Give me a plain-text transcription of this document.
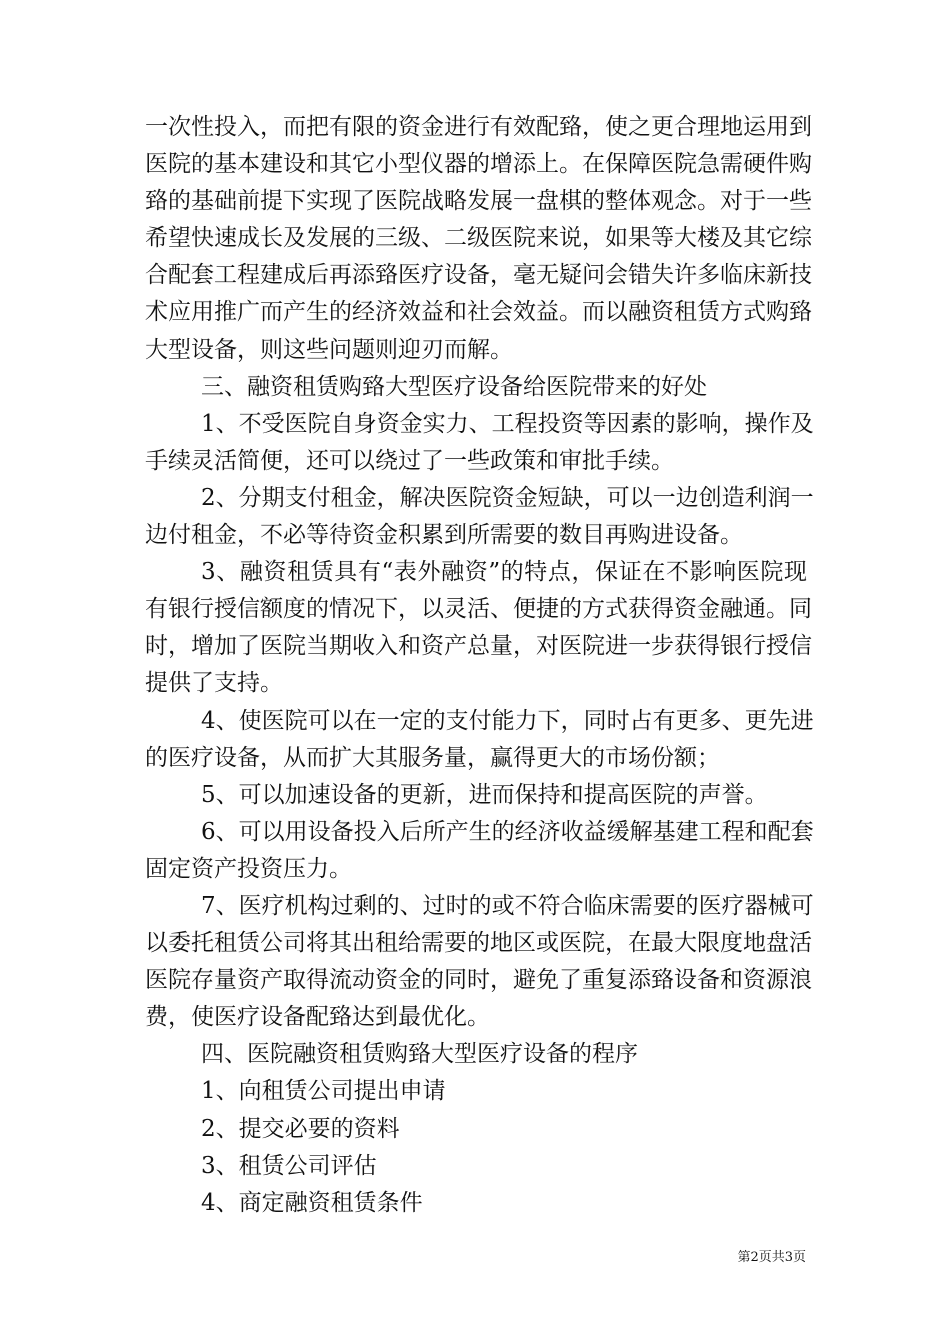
一次性投入，而把有限的资金进行有效配臵，使之更合理地运用到
医院的基本建设和其它小型仪器的增添上。在保障医院急需硬件购
臵的基础前提下实现了医院战略发展一盘棋的整体观念。对于一些
希望快速成长及发展的三级、二级医院来说，如果等大楼及其它综
合配套工程建成后再添臵医疗设备，毫无疑问会错失许多临床新技
术应用推广而产生的经济效益和社会效益。而以融资租赁方式购臵
大型设备，则这些问题则迎刃而解。
三、融资租赁购臵大型医疗设备给医院带来的好处
1、不受医院自身资金实力、工程投资等因素的影响，操作及
手续灵活简便，还可以绕过了一些政策和审批手续。
2、分期支付租金，解决医院资金短缺，可以一边创造利润一
边付租金，不必等待资金积累到所需要的数目再购进设备。
3、融资租赁具有“表外融资”的特点，保证在不影响医院现
有银行授信额度的情况下，以灵活、便捷的方式获得资金融通。同
时，增加了医院当期收入和资产总量，对医院进一步获得银行授信
提供了支持。
4、使医院可以在一定的支付能力下，同时占有更多、更先进
的医疗设备，从而扩大其服务量，赢得更大的市场份额；
5、可以加速设备的更新，进而保持和提高医院的声誉。
6、可以用设备投入后所产生的经济收益缓解基建工程和配套
固定资产投资压力。
7、医疗机构过剩的、过时的或不符合临床需要的医疗器械可
以委托租赁公司将其出租给需要的地区或医院，在最大限度地盘活
医院存量资产取得流动资金的同时，避免了重复添臵设备和资源浪
费，使医疗设备配臵达到最优化。
四、医院融资租赁购臵大型医疗设备的程序
1、向租赁公司提出申请
2、提交必要的资料
3、租赁公司评估
4、商定融资租赁条件
第2页共3页
